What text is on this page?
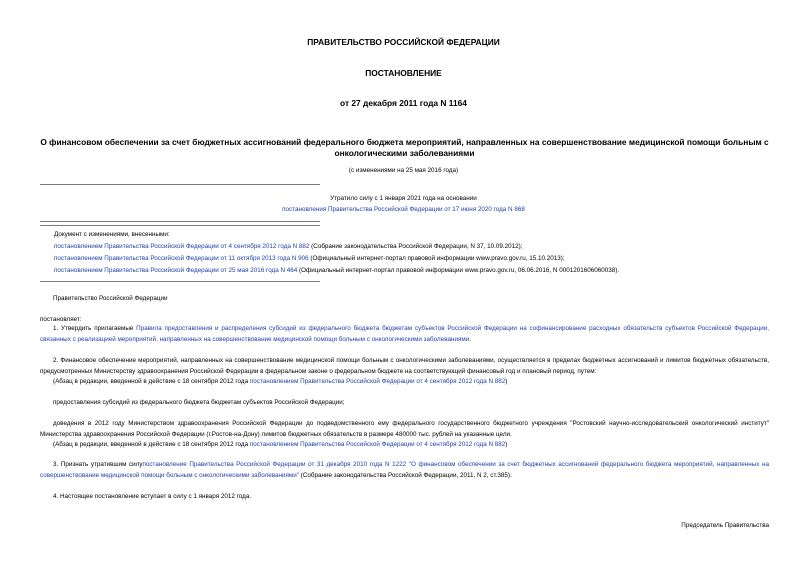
ПРАВИТЕЛЬСТВО РОССИЙСКОЙ ФЕДЕРАЦИИ
ПОСТАНОВЛЕНИЕ
от 27 декабря 2011 года N 1164
О финансовом обеспечении за счет бюджетных ассигнований федерального бюджета мероприятий, направленных на совершенствование медицинской помощи больным с онкологическими заболеваниями
(с изменениями на 25 мая 2016 года)
Утратило силу с 1 января 2021 года на основании
постановления Правительства Российской Федерации от 17 июня 2020 года N 868
Документ с изменениями, внесенными:
постановлением Правительства Российской Федерации от 4 сентября 2012 года N 882 (Собрание законодательства Российской Федерации, N 37, 10.09.2012);
постановлением Правительства Российской Федерации от 11 октября 2013 года N 906 (Официальный интернет-портал правовой информации www.pravo.gov.ru, 15.10.2013);
постановлением Правительства Российской Федерации от 25 мая 2016 года N 464 (Официальный интернет-портал правовой информации www.pravo.gov.ru, 06.06.2016, N 0001201606060038).
Правительство Российской Федерации
постановляет:
1. Утвердить прилагаемые Правила предоставления и распределения субсидий из федерального бюджета бюджетам субъектов Российской Федерации на софинансирование расходных обязательств субъектов Российской Федерации, связанных с реализацией мероприятий, направленных на совершенствование медицинской помощи больным с онкологическими заболеваниями.
2. Финансовое обеспечение мероприятий, направленных на совершенствование медицинской помощи больным с онкологическими заболеваниями, осуществляется в пределах бюджетных ассигнований и лимитов бюджетных обязательств, предусмотренных Министерству здравоохранения Российской Федерации в федеральном законе о федеральном бюджете на соответствующий финансовый год и плановый период, путем:
(Абзац в редакции, введенной в действие с 18 сентября 2012 года постановлением Правительства Российской Федерации от 4 сентября 2012 года N 882)
предоставления субсидий из федерального бюджета бюджетам субъектов Российской Федерации;
доведения в 2012 году Министерством здравоохранения Российской Федерации до подведомственного ему федерального государственного бюджетного учреждения "Ростовский научно-исследовательский онкологический институт" Министерства здравоохранения Российской Федерации (г.Ростов-на-Дону) лимитов бюджетных обязательств в размере 480000 тыс. рублей на указанные цели.
(Абзац в редакции, введенной в действие с 18 сентября 2012 года постановлением Правительства Российской Федерации от 4 сентября 2012 года N 882)
3. Признать утратившим силупостановление Правительства Российской Федерации от 31 декабря 2010 года N 1222 "О финансовом обеспечении за счет бюджетных ассигнований федерального бюджета мероприятий, направленных на совершенствование медицинской помощи больным с онкологическими заболеваниями" (Собрание законодательства Российской Федерации, 2011, N 2, ст.385).
4. Настоящее постановление вступает в силу с 1 января 2012 года.
Председатель Правительства
